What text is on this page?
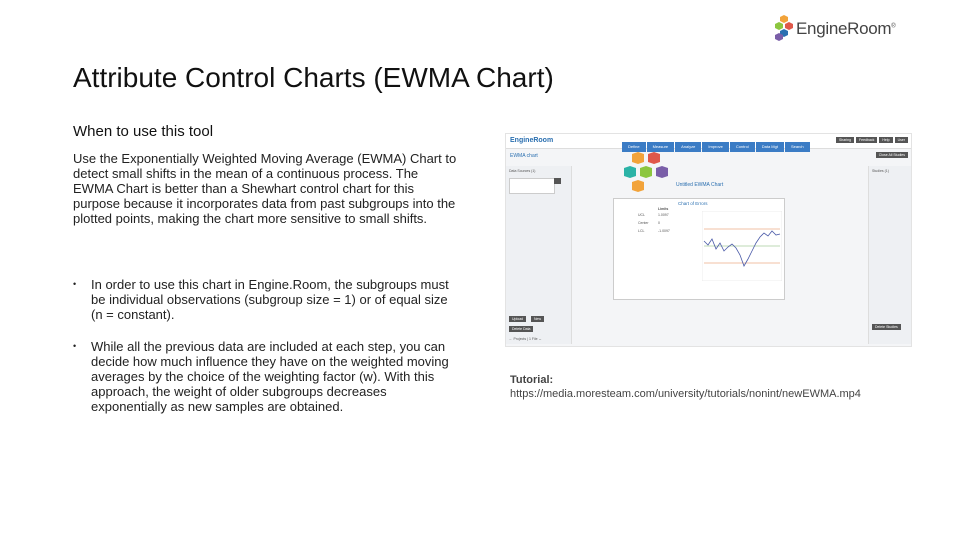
EngineRoom®
Attribute Control Charts (EWMA Chart)
When to use this tool

Use the Exponentially Weighted Moving Average (EWMA) Chart to detect small shifts in the mean of a continuous process. The EWMA Chart is better than a Shewhart control chart for this purpose because it incorporates data from past subgroups into the plotted points, making the chart more sensitive to small shifts.

• In order to use this chart in Engine.Room, the subgroups must be individual observations (subgroup size = 1) or of equal size (n = constant).
• While all the previous data are included at each step, you can decide how much influence they have on the weighted moving averages by the choice of the weighting factor (w). With this approach, the weight of older subgroups decreases exponentially as new samples are obtained.
EngineRoom	Sharing	Feedback	Help	User
Define	Measure	Analyze	Improve	Control	Data Mgt	Search
EWMA chart
Data Sources (1)

Upload	New
Delete Data
← Projects | 1 File ↔
Studies (1)
Delete Studies
Close All Studies
Untitled EWMA Chart
Chart of Errors
Limits
UCL	1.0097
Center	0
LCL	-1.0097
Tutorial:
https://media.moresteam.com/university/tutorials/nonint/newEWMA.mp4
